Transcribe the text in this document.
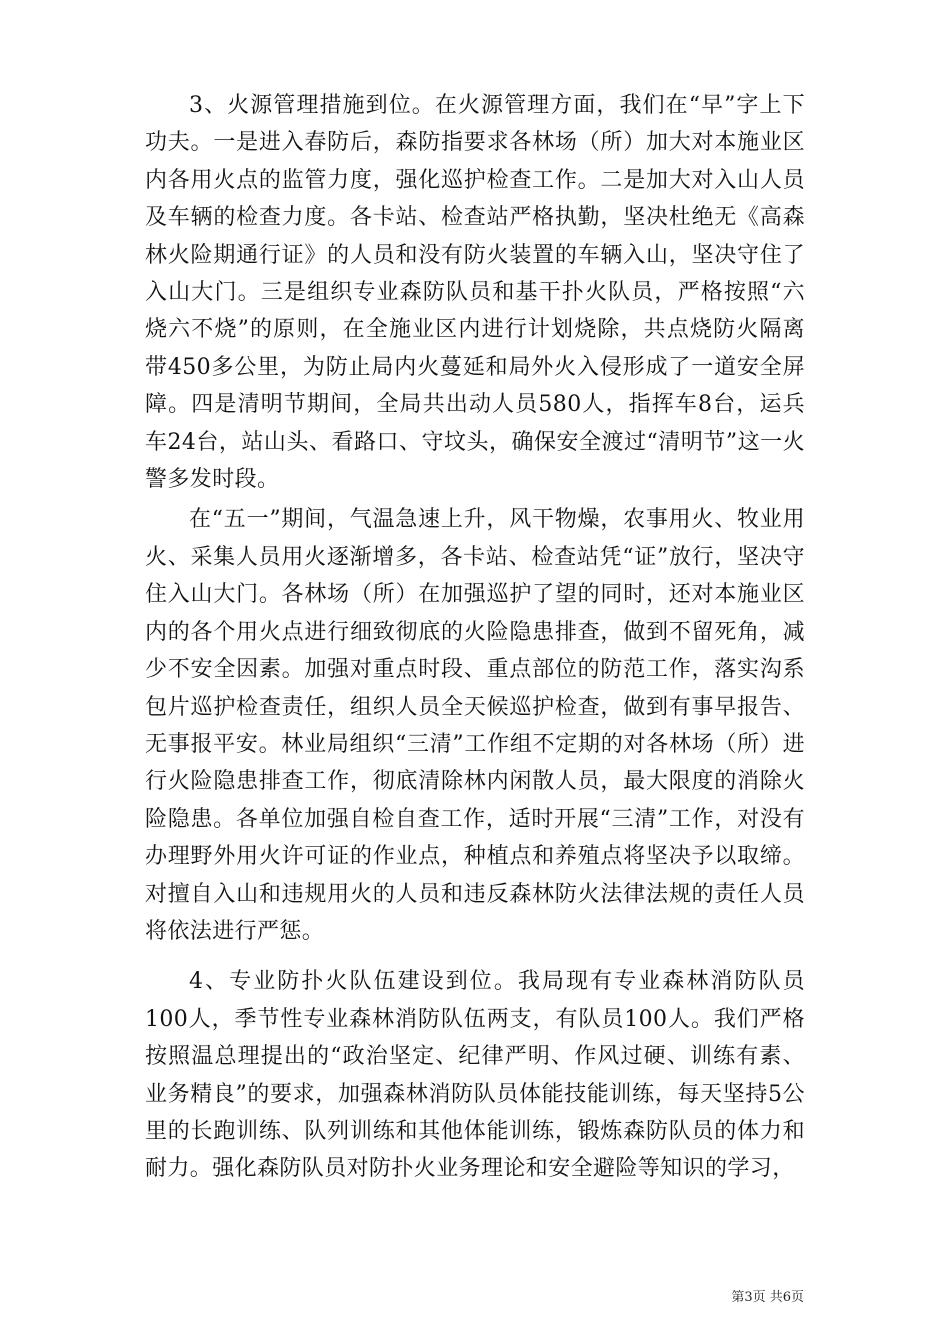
3、火源管理措施到位。在火源管理方面，我们在“早”字上下功夫。一是进入春防后，森防指要求各林场（所）加大对本施业区内各用火点的监管力度，强化巡护检查工作。二是加大对入山人员及车辆的检查力度。各卡站、检查站严格执勤，坚决杜绝无《高森林火险期通行证》的人员和没有防火装置的车辆入山，坚决守住了入山大门。三是组织专业森防队员和基干扑火队员，严格按照“六烧六不烧”的原则，在全施业区内进行计划烧除，共点烧防火隔离带450多公里，为防止局内火蔓延和局外火入侵形成了一道安全屏障。四是清明节期间，全局共出动人员580人，指挥车8台，运兵车24台，站山头、看路口、守坟头，确保安全渡过“清明节”这一火警多发时段。

在“五一”期间，气温急速上升，风干物燥，农事用火、牧业用火、采集人员用火逐渐增多，各卡站、检查站凭“证”放行，坚决守住入山大门。各林场（所）在加强巡护了望的同时，还对本施业区内的各个用火点进行细致彻底的火险隐患排查，做到不留死角，减少不安全因素。加强对重点时段、重点部位的防范工作，落实沟系包片巡护检查责任，组织人员全天候巡护检查，做到有事早报告、无事报平安。林业局组织“三清”工作组不定期的对各林场（所）进行火险隐患排查工作，彻底清除林内闲散人员，最大限度的消除火险隐患。各单位加强自检自查工作，适时开展“三清”工作，对没有办理野外用火许可证的作业点，种植点和养殖点将坚决予以取缔。对擅自入山和违规用火的人员和违反森林防火法律法规的责任人员将依法进行严惩。

4、专业防扑火队伍建设到位。我局现有专业森林消防队员100人，季节性专业森林消防队伍两支，有队员100人。我们严格按照温总理提出的“政治坚定、纪律严明、作风过硬、训练有素、业务精良”的要求，加强森林消防队员体能技能训练，每天坚持5公里的长跑训练、队列训练和其他体能训练，锻炼森防队员的体力和耐力。强化森防队员对防扑火业务理论和安全避险等知识的学习，

第3页 共6页
